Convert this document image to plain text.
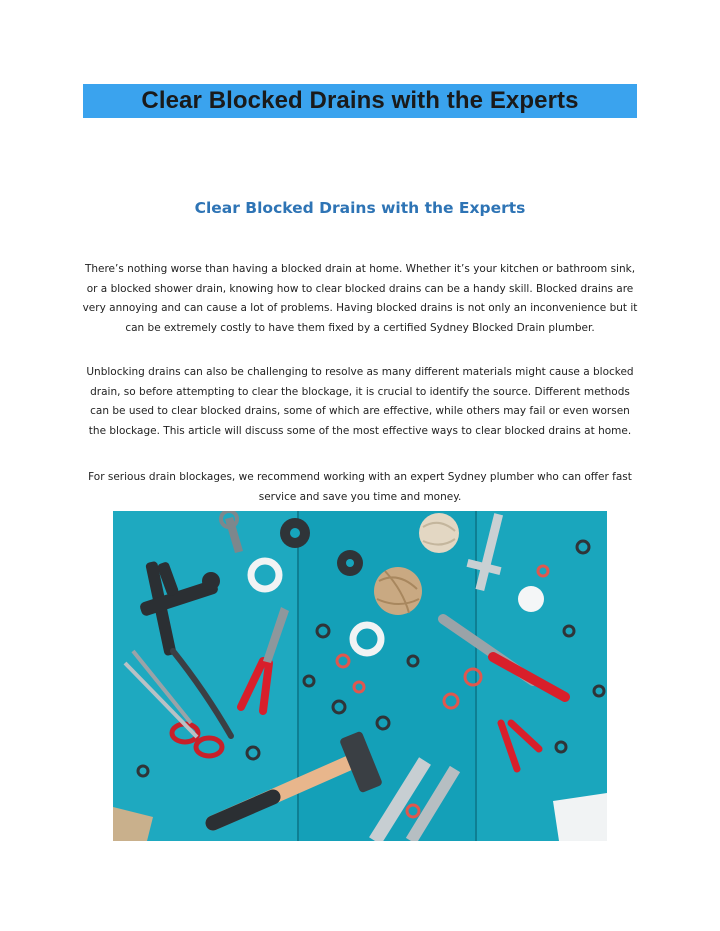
Clear Blocked Drains with the Experts
Clear Blocked Drains with the Experts
There’s nothing worse than having a blocked drain at home. Whether it’s your kitchen or bathroom sink, or a blocked shower drain, knowing how to clear blocked drains can be a handy skill. Blocked drains are very annoying and can cause a lot of problems. Having blocked drains is not only an inconvenience but it can be extremely costly to have them fixed by a certified Sydney Blocked Drain plumber.
Unblocking drains can also be challenging to resolve as many different materials might cause a blocked drain, so before attempting to clear the blockage, it is crucial to identify the source. Different methods can be used to clear blocked drains, some of which are effective, while others may fail or even worsen the blockage. This article will discuss some of the most effective ways to clear blocked drains at home.
For serious drain blockages, we recommend working with an expert Sydney plumber who can offer fast service and save you time and money.
